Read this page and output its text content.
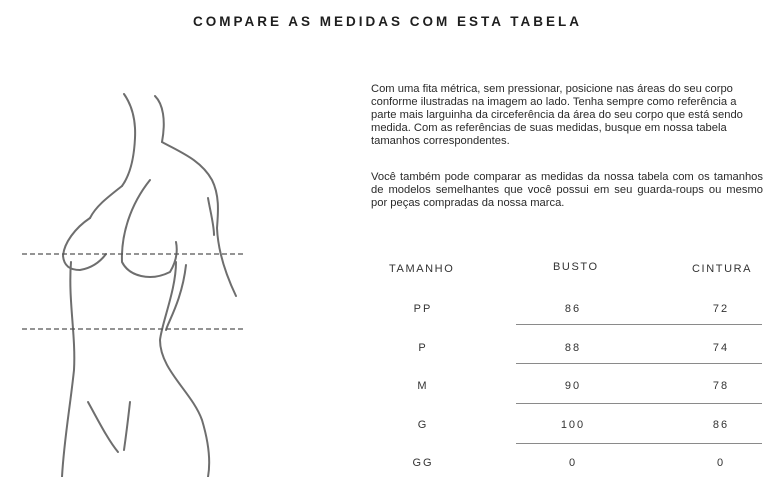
COMPARE AS MEDIDAS COM ESTA TABELA

Com uma fita métrica, sem pressionar, posicione nas áreas do seu corpo conforme ilustradas na imagem ao lado. Tenha sempre como referência a parte mais larguinha da circeferência da área do seu corpo que está sendo medida. Com as referências de suas medidas, busque em nossa tabela tamanhos correspondentes.

Você também pode comparar as medidas da nossa tabela com os tamanhos de modelos semelhantes que você possui em seu guarda-roups ou mesmo por peças compradas da nossa marca.

TAMANHO	BUSTO	CINTURA
PP	86	72
P	88	74
M	90	78
G	100	86
GG	0	0
